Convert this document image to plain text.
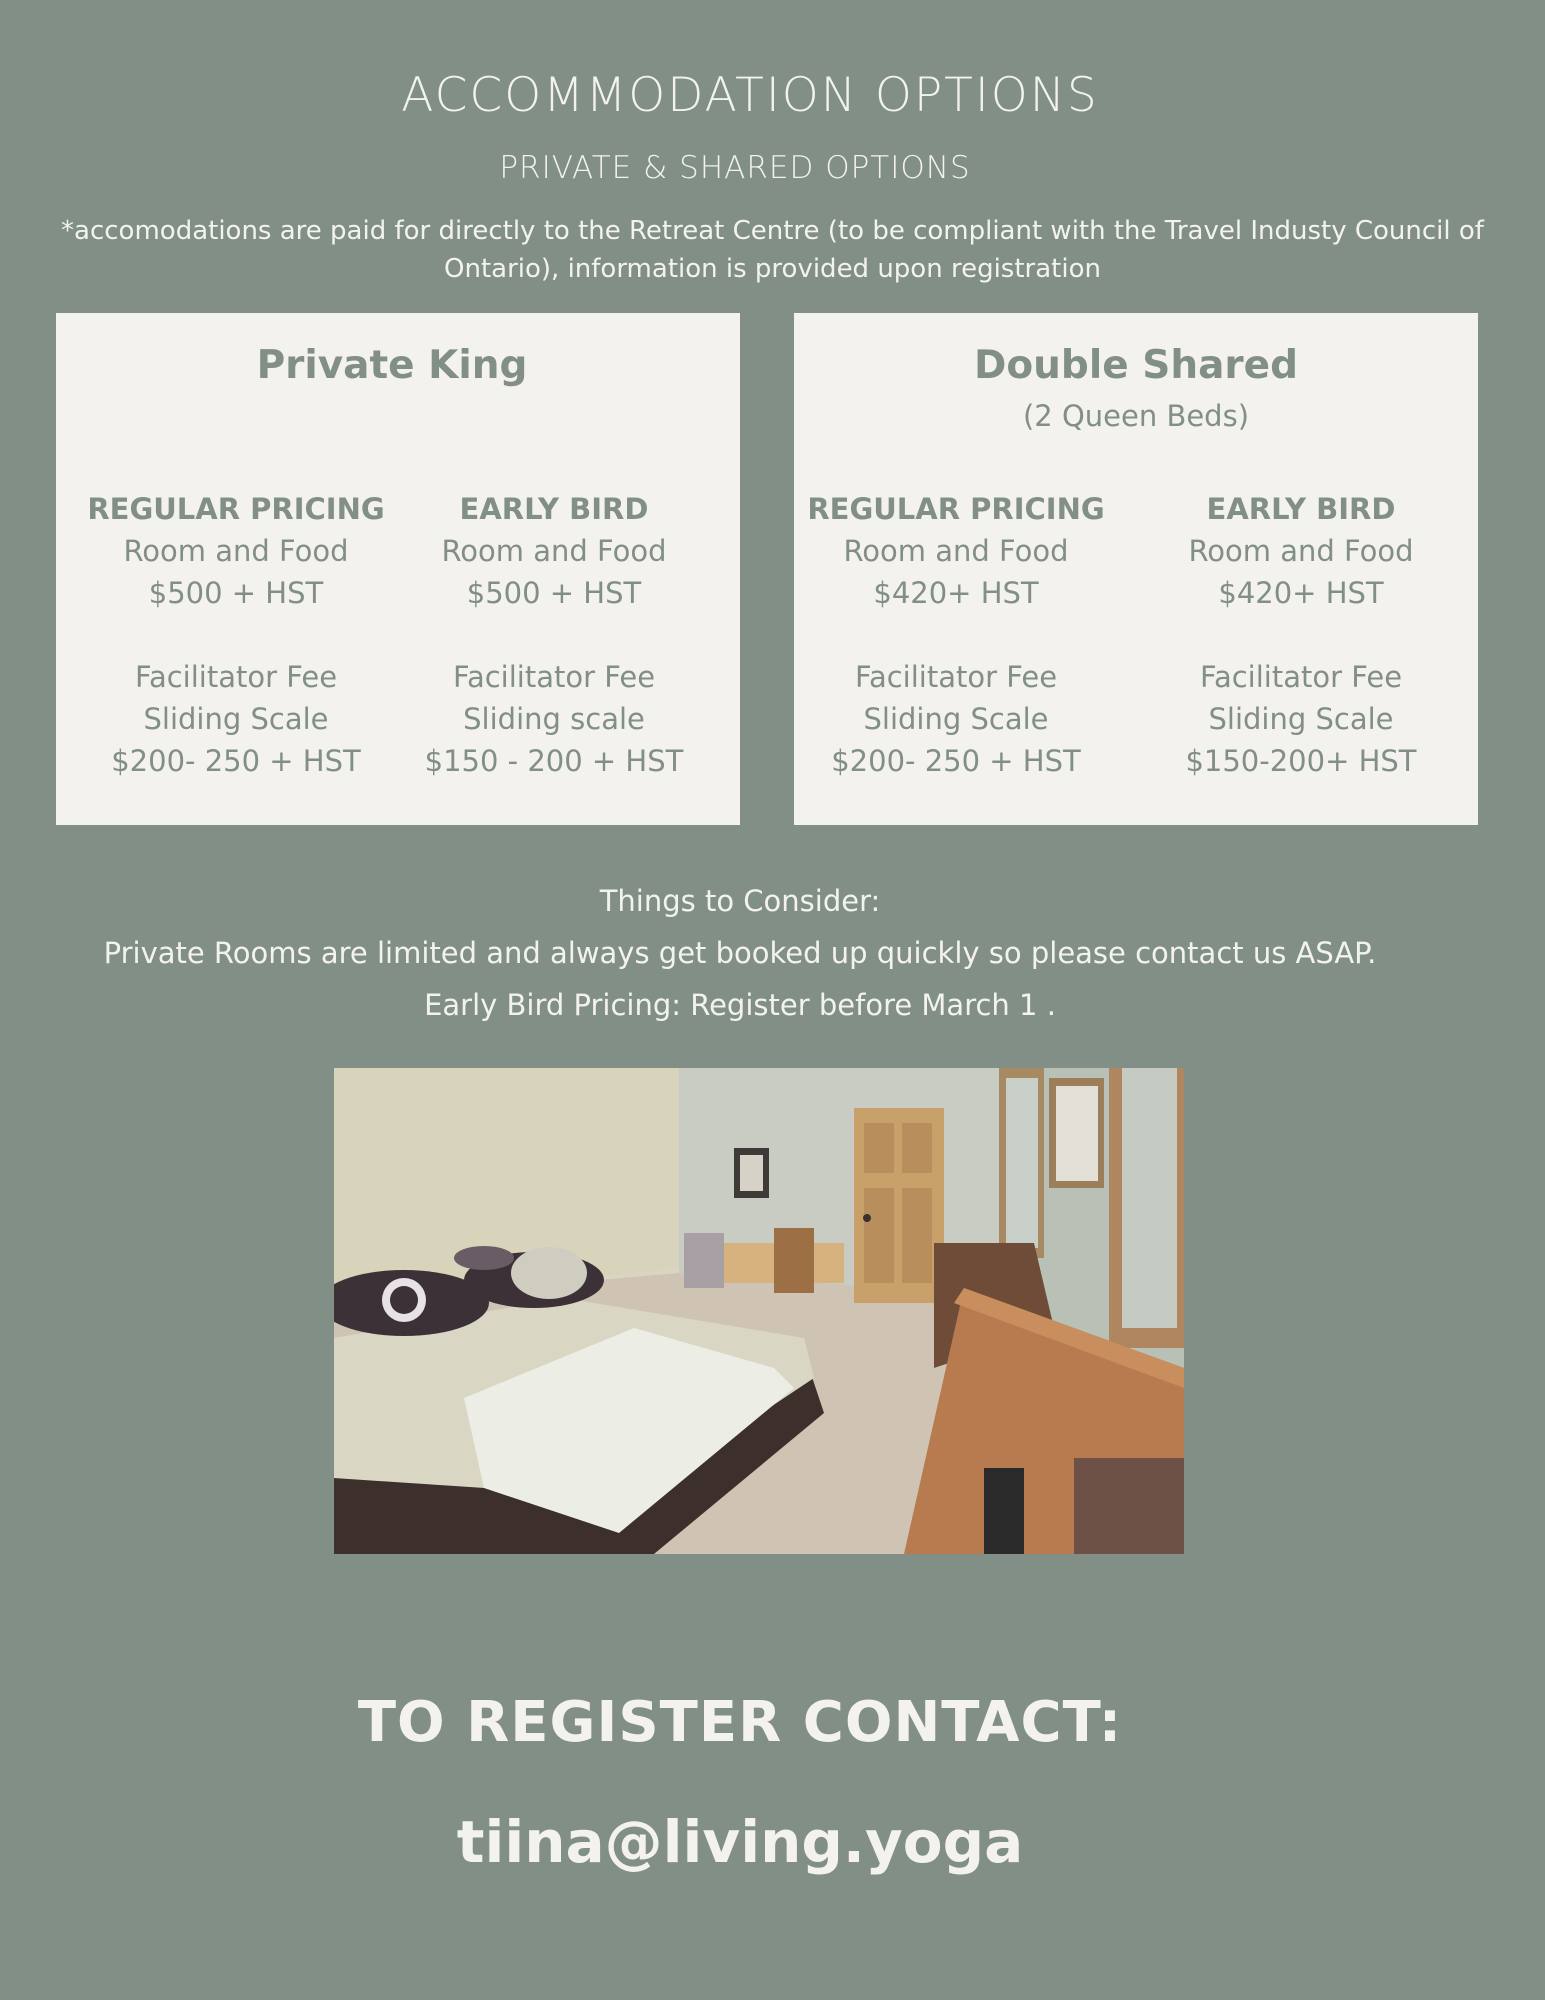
ACCOMMODATION OPTIONS
PRIVATE & SHARED OPTIONS
*accomodations are paid for directly to the Retreat Centre (to be compliant with the Travel Industy Council of Ontario), information is provided upon registration
Private King
REGULAR PRICING
Room and Food
$500 + HST
Facilitator Fee
Sliding Scale
$200- 250 + HST
EARLY BIRD
Room and Food
$500 + HST
Facilitator Fee
Sliding scale
$150 - 200 + HST
Double Shared
(2 Queen Beds)
REGULAR PRICING
Room and Food
$420+ HST
Facilitator Fee
Sliding Scale
$200- 250 + HST
EARLY BIRD
Room and Food
$420+ HST
Facilitator Fee
Sliding Scale
$150-200+ HST
Things to Consider:
Private Rooms are limited and always get booked up quickly so please contact us ASAP.
Early Bird Pricing: Register before March 1 .
TO REGISTER CONTACT:
tiina@living.yoga
